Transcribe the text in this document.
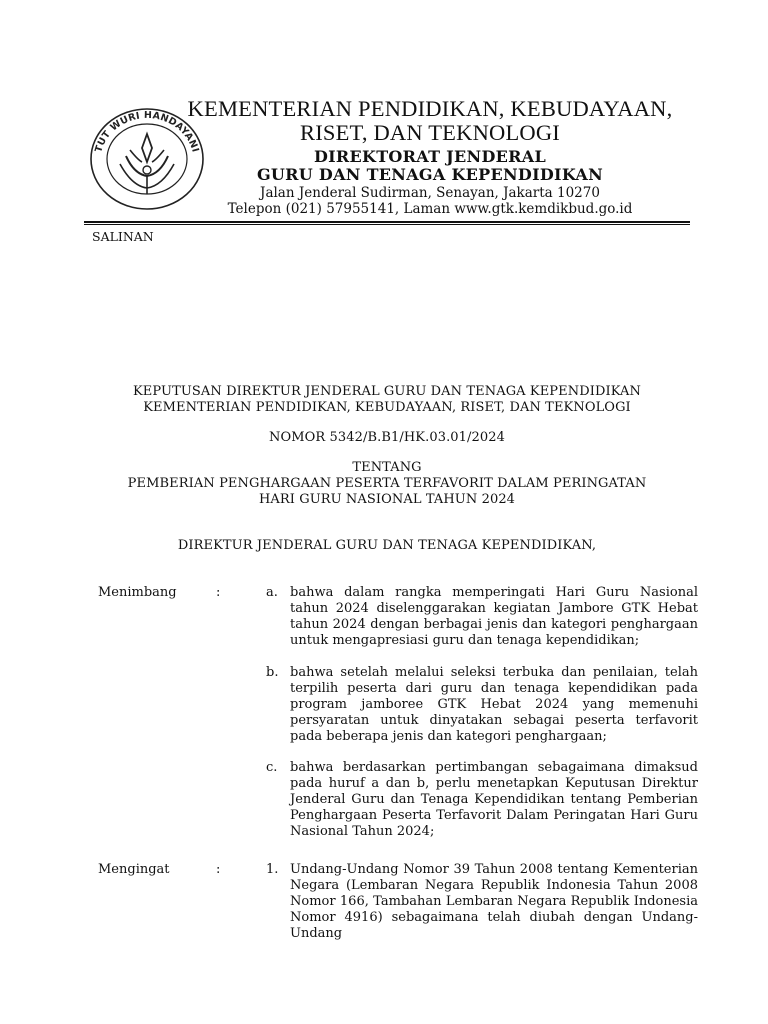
TUT WURI HANDAYANI
KEMENTERIAN PENDIDIKAN, KEBUDAYAAN,
RISET, DAN TEKNOLOGI
DIREKTORAT JENDERAL
GURU DAN TENAGA KEPENDIDIKAN
Jalan Jenderal Sudirman, Senayan, Jakarta 10270
Telepon (021) 57955141, Laman www.gtk.kemdikbud.go.id
SALINAN
KEPUTUSAN DIREKTUR JENDERAL GURU DAN TENAGA KEPENDIDIKAN
KEMENTERIAN PENDIDIKAN, KEBUDAYAAN, RISET, DAN TEKNOLOGI
NOMOR 5342/B.B1/HK.03.01/2024
TENTANG
PEMBERIAN PENGHARGAAN PESERTA TERFAVORIT DALAM PERINGATAN
HARI GURU NASIONAL TAHUN 2024
DIREKTUR JENDERAL GURU DAN TENAGA KEPENDIDIKAN,
Menimbang	:	a. bahwa dalam rangka memperingati Hari Guru Nasional tahun 2024 diselenggarakan kegiatan Jambore GTK Hebat tahun 2024 dengan berbagai jenis dan kategori penghargaan untuk mengapresiasi guru dan tenaga kependidikan;
b. bahwa setelah melalui seleksi terbuka dan penilaian, telah terpilih peserta dari guru dan tenaga kependidikan pada program jamboree GTK Hebat 2024 yang memenuhi persyaratan untuk dinyatakan sebagai peserta terfavorit pada beberapa jenis dan kategori penghargaan;
c. bahwa berdasarkan pertimbangan sebagaimana dimaksud pada huruf a dan b, perlu menetapkan Keputusan Direktur Jenderal Guru dan Tenaga Kependidikan tentang Pemberian Penghargaan Peserta Terfavorit Dalam Peringatan Hari Guru Nasional Tahun 2024;
Mengingat	:	1. Undang-Undang Nomor 39 Tahun 2008 tentang Kementerian Negara (Lembaran Negara Republik Indonesia Tahun 2008 Nomor 166, Tambahan Lembaran Negara Republik Indonesia Nomor 4916) sebagaimana telah diubah dengan Undang-Undang
